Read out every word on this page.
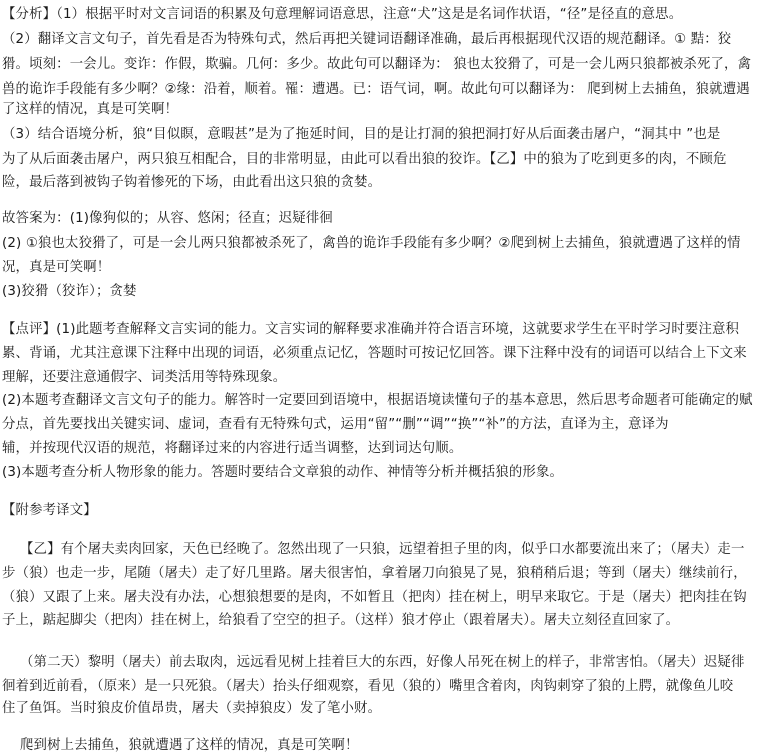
【分析】（1）根据平时对文言词语的积累及句意理解词语意思，注意“犬”这是是名词作状语，“径”是径直的意思。
（2）翻译文言文句子，首先看是否为特殊句式，然后再把关键词语翻译准确，最后再根据现代汉语的规范翻译。① 黠：狡
猾。顷刻：一会儿。变诈：作假，欺骗。几何：多少。故此句可以翻译为： 狼也太狡猾了，可是一会儿两只狼都被杀死了，禽
兽的诡诈手段能有多少啊？②缘：沿着，顺着。罹：遭遇。已：语气词，啊。故此句可以翻译为： 爬到树上去捕鱼，狼就遭遇
了这样的情况，真是可笑啊！
（3）结合语境分析，狼“目似瞑，意暇甚”是为了拖延时间，目的是让打洞的狼把洞打好从后面袭击屠户，“洞其中 ”也是
为了从后面袭击屠户，两只狼互相配合，目的非常明显，由此可以看出狼的狡诈。【乙】中的狼为了吃到更多的肉，不顾危
险，最后落到被钩子钩着惨死的下场，由此看出这只狼的贪婪。
故答案为：(1)像狗似的；从容、悠闲；径直；迟疑徘徊
(2) ①狼也太狡猾了，可是一会儿两只狼都被杀死了，禽兽的诡诈手段能有多少啊？②爬到树上去捕鱼，狼就遭遇了这样的情
况，真是可笑啊！
(3)狡猾（狡诈）；贪婪
【点评】(1)此题考查解释文言实词的能力。文言实词的解释要求准确并符合语言环境，这就要求学生在平时学习时要注意积
累、背诵，尤其注意课下注释中出现的词语，必须重点记忆，答题时可按记忆回答。课下注释中没有的词语可以结合上下文来
理解，还要注意通假字、词类活用等特殊现象。
(2)本题考查翻译文言文句子的能力。解答时一定要回到语境中，根据语境读懂句子的基本意思，然后思考命题者可能确定的赋
分点，首先要找出关键实词、虚词，查看有无特殊句式，运用“留”“删”“调”“换”“补”的方法，直译为主，意译为
辅，并按现代汉语的规范，将翻译过来的内容进行适当调整，达到词达句顺。
(3)本题考查分析人物形象的能力。答题时要结合文章狼的动作、神情等分析并概括狼的形象。
【附参考译文】
【乙】有个屠夫卖肉回家，天色已经晚了。忽然出现了一只狼，远望着担子里的肉，似乎口水都要流出来了；（屠夫）走一
步（狼）也走一步，尾随（屠夫）走了好几里路。屠夫很害怕，拿着屠刀向狼晃了晃，狼稍稍后退；等到（屠夫）继续前行，
（狼）又跟了上来。屠夫没有办法，心想狼想要的是肉，不如暂且（把肉）挂在树上，明早来取它。于是（屠夫）把肉挂在钩
子上，踮起脚尖（把肉）挂在树上，给狼看了空空的担子。（这样）狼才停止（跟着屠夫）。屠夫立刻径直回家了。
（第二天）黎明（屠夫）前去取肉，远远看见树上挂着巨大的东西，好像人吊死在树上的样子，非常害怕。（屠夫）迟疑徘
徊着到近前看，（原来）是一只死狼。（屠夫）抬头仔细观察，看见（狼的）嘴里含着肉，肉钩刺穿了狼的上腭，就像鱼儿咬
住了鱼饵。当时狼皮价值昂贵，屠夫（卖掉狼皮）发了笔小财。
爬到树上去捕鱼，狼就遭遇了这样的情况，真是可笑啊！
